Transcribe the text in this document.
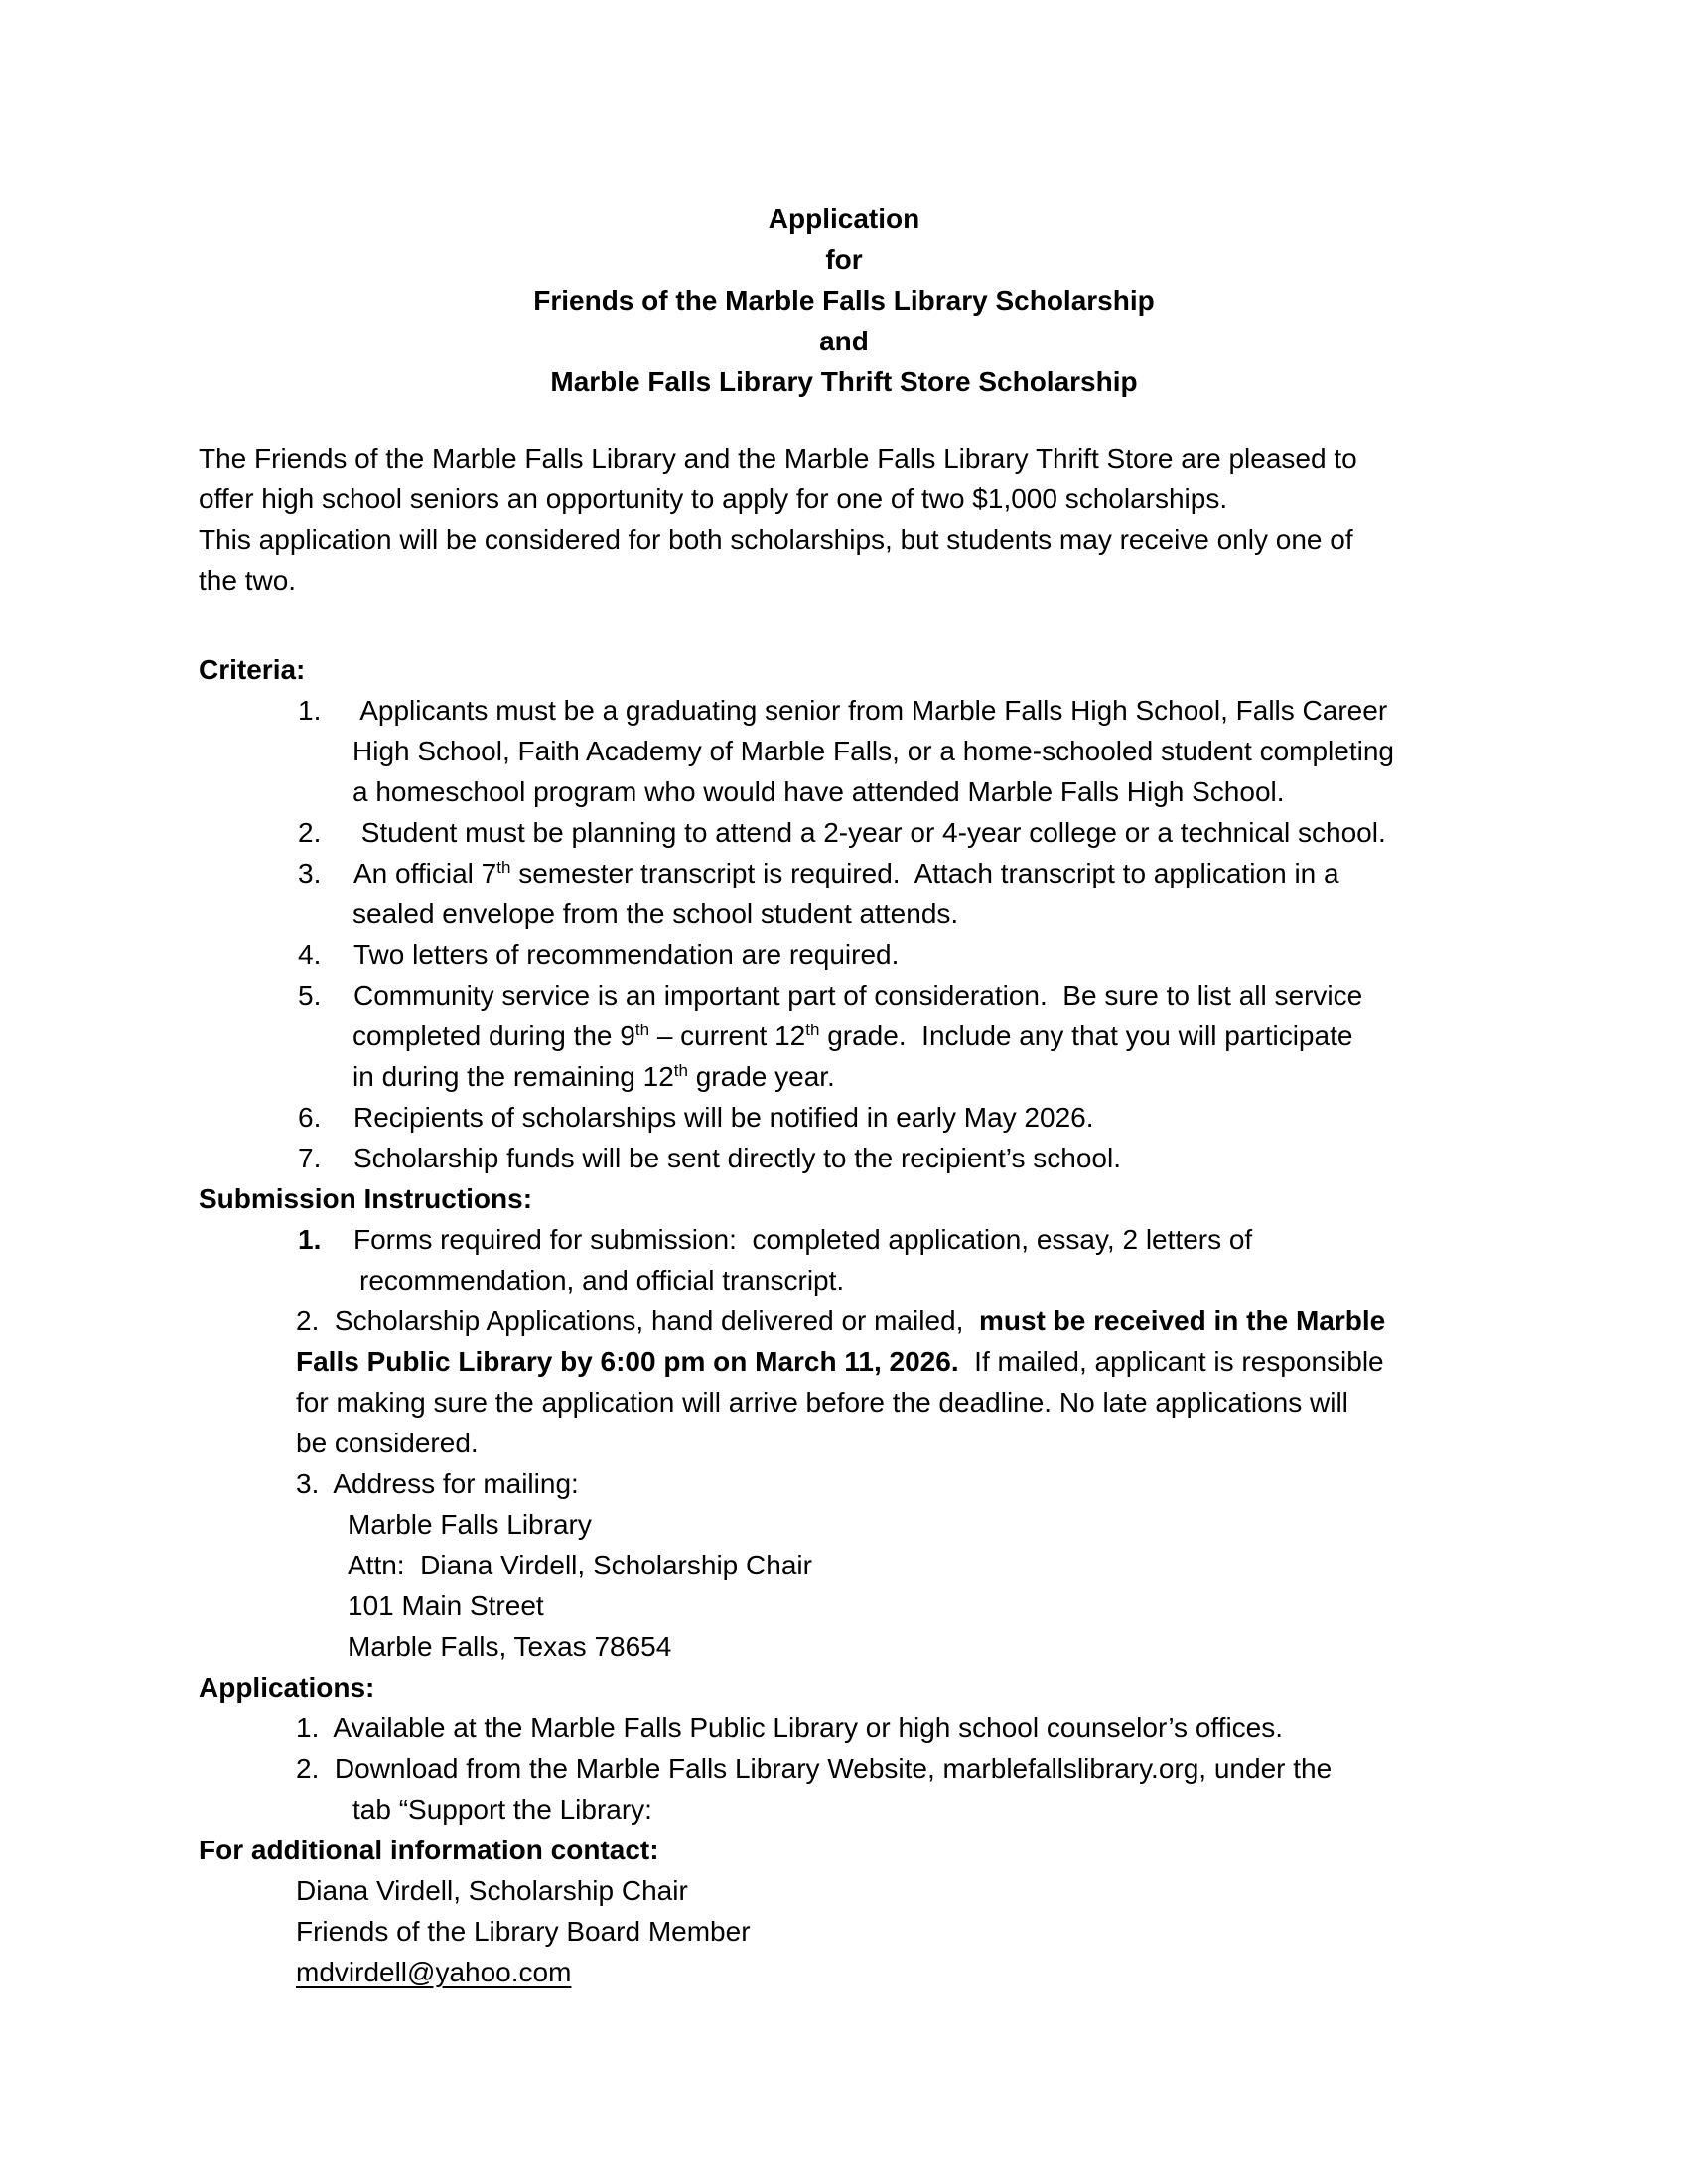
Application
for
Friends of the Marble Falls Library Scholarship
and
Marble Falls Library Thrift Store Scholarship
The Friends of the Marble Falls Library and the Marble Falls Library Thrift Store are pleased to
offer high school seniors an opportunity to apply for one of two $1,000 scholarships.
This application will be considered for both scholarships, but students may receive only one of
the two.
Criteria:
1. Applicants must be a graduating senior from Marble Falls High School, Falls Career
High School, Faith Academy of Marble Falls, or a home-schooled student completing
a homeschool program who would have attended Marble Falls High School.
2. Student must be planning to attend a 2-year or 4-year college or a technical school.
3. An official 7th semester transcript is required.  Attach transcript to application in a
sealed envelope from the school student attends.
4. Two letters of recommendation are required.
5. Community service is an important part of consideration.  Be sure to list all service
completed during the 9th – current 12th grade.  Include any that you will participate
in during the remaining 12th grade year.
6. Recipients of scholarships will be notified in early May 2026.
7. Scholarship funds will be sent directly to the recipient’s school.
Submission Instructions:
1. Forms required for submission:  completed application, essay, 2 letters of
recommendation, and official transcript.
2.  Scholarship Applications, hand delivered or mailed,  must be received in the Marble
Falls Public Library by 6:00 pm on March 11, 2026.  If mailed, applicant is responsible
for making sure the application will arrive before the deadline. No late applications will
be considered.
3.  Address for mailing:
Marble Falls Library
Attn:  Diana Virdell, Scholarship Chair
101 Main Street
Marble Falls, Texas 78654
Applications:
1.  Available at the Marble Falls Public Library or high school counselor’s offices.
2.  Download from the Marble Falls Library Website, marblefallslibrary.org, under the
tab “Support the Library:
For additional information contact:
Diana Virdell, Scholarship Chair
Friends of the Library Board Member
mdvirdell@yahoo.com
